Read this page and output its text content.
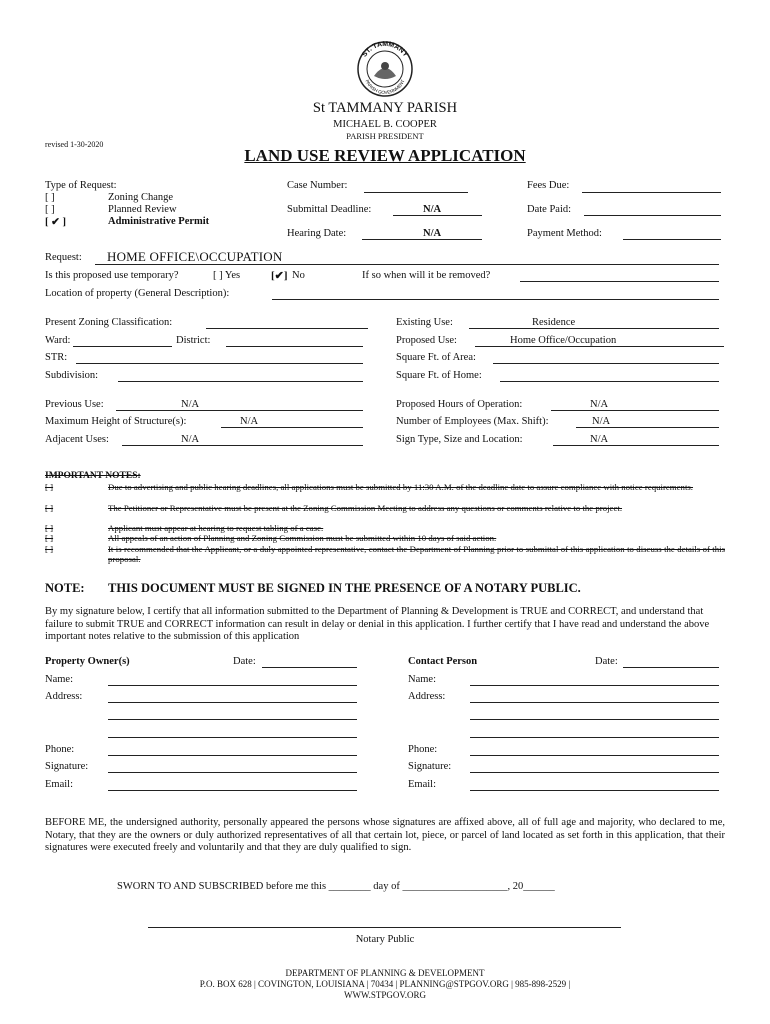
ST. TAMMANY
PARISH GOVERNMENT
St TAMMANY PARISH
MICHAEL B. COOPER
PARISH PRESIDENT
revised 1-30-2020
LAND USE REVIEW APPLICATION
Type of Request:
[ ]	Zoning Change
[ ]	Planned Review
[ ✔ ]	Administrative Permit
Case Number:
Submittal Deadline:	N/A
Hearing Date:	N/A
Fees Due:
Date Paid:
Payment Method:
Request: HOME OFFICE\OCCUPATION
Is this proposed use temporary?	[ ] Yes	[✔] No	If so when will it be removed?
Location of property (General Description):
Present Zoning Classification:
Ward:	District:
STR:
Subdivision:
Existing Use:	Residence
Proposed Use:	Home Office/Occupation
Square Ft. of Area:
Square Ft. of Home:
Previous Use:	N/A
Maximum Height of Structure(s):	N/A
Adjacent Uses:	N/A
Proposed Hours of Operation:	N/A
Number of Employees (Max. Shift):	N/A
Sign Type, Size and Location:	N/A
IMPORTANT NOTES:
[ ]	Due to advertising and public hearing deadlines, all applications must be submitted by 11:30 A.M. of the deadline date to assure compliance with notice requirements.
[ ]	The Petitioner or Representative must be present at the Zoning Commission Meeting to address any questions or comments relative to the project.
[ ]	Applicant must appear at hearing to request tabling of a case.
[ ]	All appeals of an action of Planning and Zoning Commission must be submitted within 10 days of said action.
[ ]	It is recommended that the Applicant, or a duly appointed representative, contact the Department of Planning prior to submittal of this application to discuss the details of this proposal.
NOTE: THIS DOCUMENT MUST BE SIGNED IN THE PRESENCE OF A NOTARY PUBLIC.
By my signature below, I certify that all information submitted to the Department of Planning & Development is TRUE and CORRECT, and understand that failure to submit TRUE and CORRECT information can result in delay or denial in this application. I further certify that I have read and understand the above important notes relative to the submission of this application
Property Owner(s)	Date:
Name:
Address:
Phone:
Signature:
Email:
Contact Person	Date:
Name:
Address:
Phone:
Signature:
Email:
BEFORE ME, the undersigned authority, personally appeared the persons whose signatures are affixed above, all of full age and majority, who declared to me, Notary, that they are the owners or duly authorized representatives of all that certain lot, piece, or parcel of land located as set forth in this application, that their signatures were executed freely and voluntarily and that they are duly qualified to sign.
SWORN TO AND SUBSCRIBED before me this ________ day of ____________________, 20______
Notary Public
DEPARTMENT OF PLANNING & DEVELOPMENT
P.O. BOX 628 | COVINGTON, LOUISIANA | 70434 | PLANNING@STPGOV.ORG | 985-898-2529 |
WWW.STPGOV.ORG
